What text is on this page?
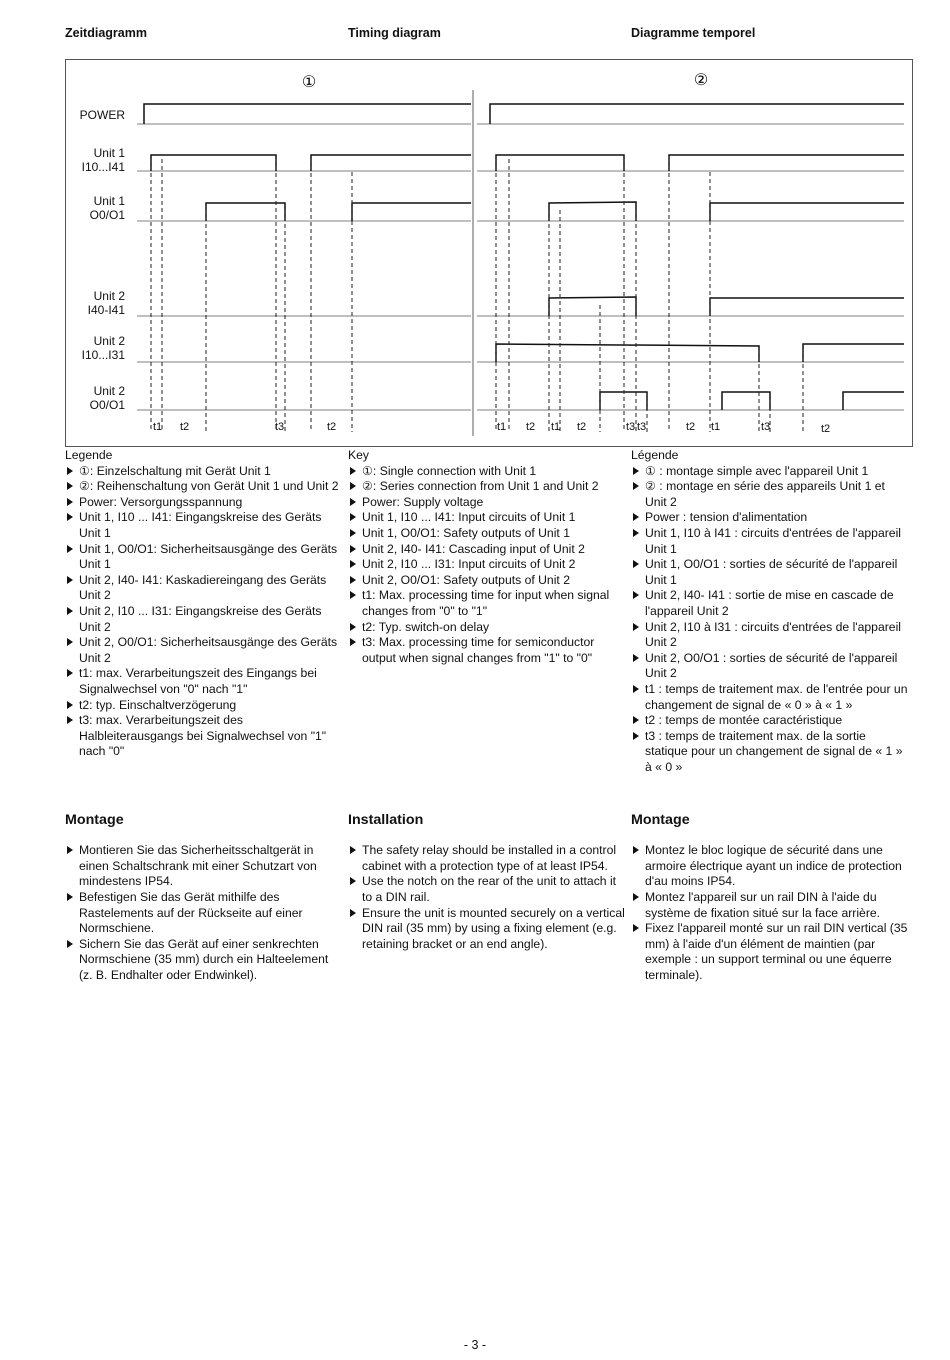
Zeitdiagramm	Timing diagram	Diagramme temporel
①	②
POWER
Unit 1
I10...I41
Unit 1
O0/O1
Unit 2
I40-I41
Unit 2
I10...I31
Unit 2
O0/O1
t1 t2	t3	t2	t1 t2 t1 t2	t3 t3	t2 t1	t3	t2

Legende

①: Einzelschaltung mit Gerät Unit 1
②: Reihenschaltung von Gerät Unit 1 und Unit 2
Power: Versorgungsspannung
Unit 1, I10 ... I41: Eingangskreise des Geräts Unit 1
Unit 1, O0/O1: Sicherheitsausgänge des Geräts Unit 1
Unit 2, I40- I41: Kaskadiereingang des Geräts Unit 2
Unit 2, I10 ... I31: Eingangskreise des Geräts Unit 2
Unit 2, O0/O1: Sicherheitsausgänge des Geräts Unit 2
t1: max. Verarbeitungszeit des Eingangs bei Signalwechsel von "0" nach "1"
t2: typ. Einschaltverzögerung
t3: max. Verarbeitungszeit des Halbleiterausgangs bei Signalwechsel von "1" nach "0"

Key

①: Single connection with Unit 1
②: Series connection from Unit 1 and Unit 2
Power: Supply voltage
Unit 1, I10 ... I41: Input circuits of Unit 1
Unit 1, O0/O1: Safety outputs of Unit 1
Unit 2, I40- I41: Cascading input of Unit 2
Unit 2, I10 ... I31: Input circuits of Unit 2
Unit 2, O0/O1: Safety outputs of Unit 2
t1: Max. processing time for input when signal changes from "0" to "1"
t2: Typ. switch-on delay
t3: Max. processing time for semiconductor output when signal changes from "1" to "0"

Légende

① : montage simple avec l'appareil Unit 1
② : montage en série des appareils Unit 1 et Unit 2
Power : tension d'alimentation
Unit 1, I10 à I41 : circuits d'entrées de l'appareil Unit 1
Unit 1, O0/O1 : sorties de sécurité de l'appareil Unit 1
Unit 2, I40- I41 : sortie de mise en cascade de l'appareil Unit 2
Unit 2, I10 à I31 : circuits d'entrées de l'appareil Unit 2
Unit 2, O0/O1 : sorties de sécurité de l'appareil Unit 2
t1 : temps de traitement max. de l'entrée pour un changement de signal de « 0 » à « 1 »
t2 : temps de montée caractéristique
t3 : temps de traitement max. de la sortie statique pour un changement de signal de « 1 » à « 0 »
Montage
Montieren Sie das Sicherheitsschaltgerät in einen Schaltschrank mit einer Schutzart von mindestens IP54.
Befestigen Sie das Gerät mithilfe des Rastelements auf der Rückseite auf einer Normschiene.
Sichern Sie das Gerät auf einer senkrechten Normschiene (35 mm) durch ein Halteelement (z. B. Endhalter oder Endwinkel).
Installation
The safety relay should be installed in a control cabinet with a protection type of at least IP54.
Use the notch on the rear of the unit to attach it to a DIN rail.
Ensure the unit is mounted securely on a vertical DIN rail (35 mm) by using a fixing element (e.g. retaining bracket or an end angle).
Montage
Montez le bloc logique de sécurité dans une armoire électrique ayant un indice de protection d'au moins IP54.
Montez l'appareil sur un rail DIN à l'aide du système de fixation situé sur la face arrière.
Fixez l'appareil monté sur un rail DIN vertical (35 mm) à l'aide d'un élément de maintien (par exemple : un support terminal ou une équerre terminale).
- 3 -
